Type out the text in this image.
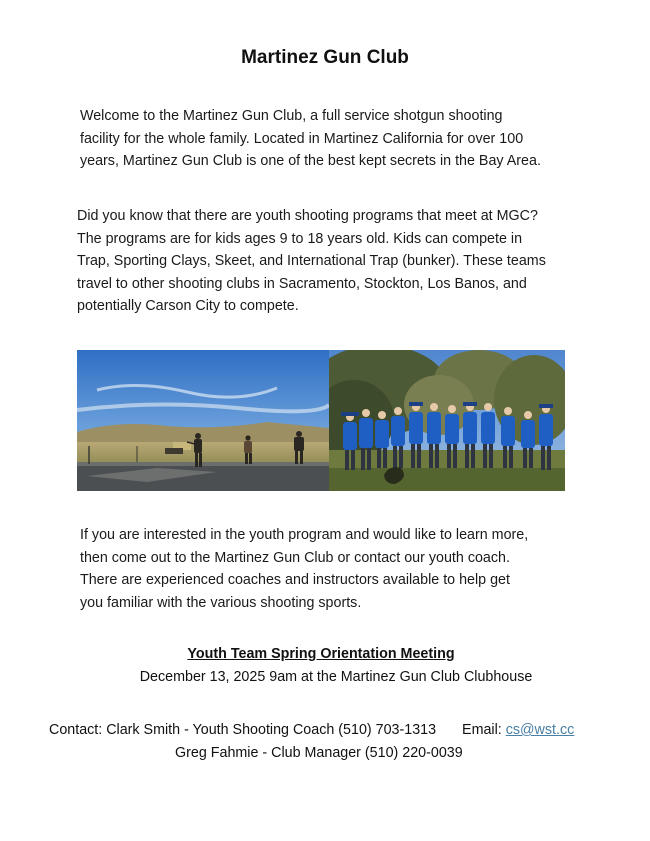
Martinez Gun Club
Welcome to the Martinez Gun Club, a full service shotgun shooting
facility for the whole family. Located in Martinez California for over 100
years, Martinez Gun Club is one of the best kept secrets in the Bay Area.
Did you know that there are youth shooting programs that meet at MGC?
The programs are for kids ages 9 to 18 years old. Kids can compete in
Trap, Sporting Clays, Skeet, and International Trap (bunker). These teams
travel to other shooting clubs in Sacramento, Stockton, Los Banos, and
potentially Carson City to compete.
If you are interested in the youth program and would like to learn more,
then come out to the Martinez Gun Club or contact our youth coach.
There are experienced coaches and instructors available to help get
you familiar with the various shooting sports.

Youth Team Spring Orientation Meeting

December 13, 2025 9am at the Martinez Gun Club Clubhouse

Contact: Clark Smith - Youth Shooting Coach (510) 703-1313 Email: cs@wst.cc
Greg Fahmie - Club Manager (510) 220-0039
